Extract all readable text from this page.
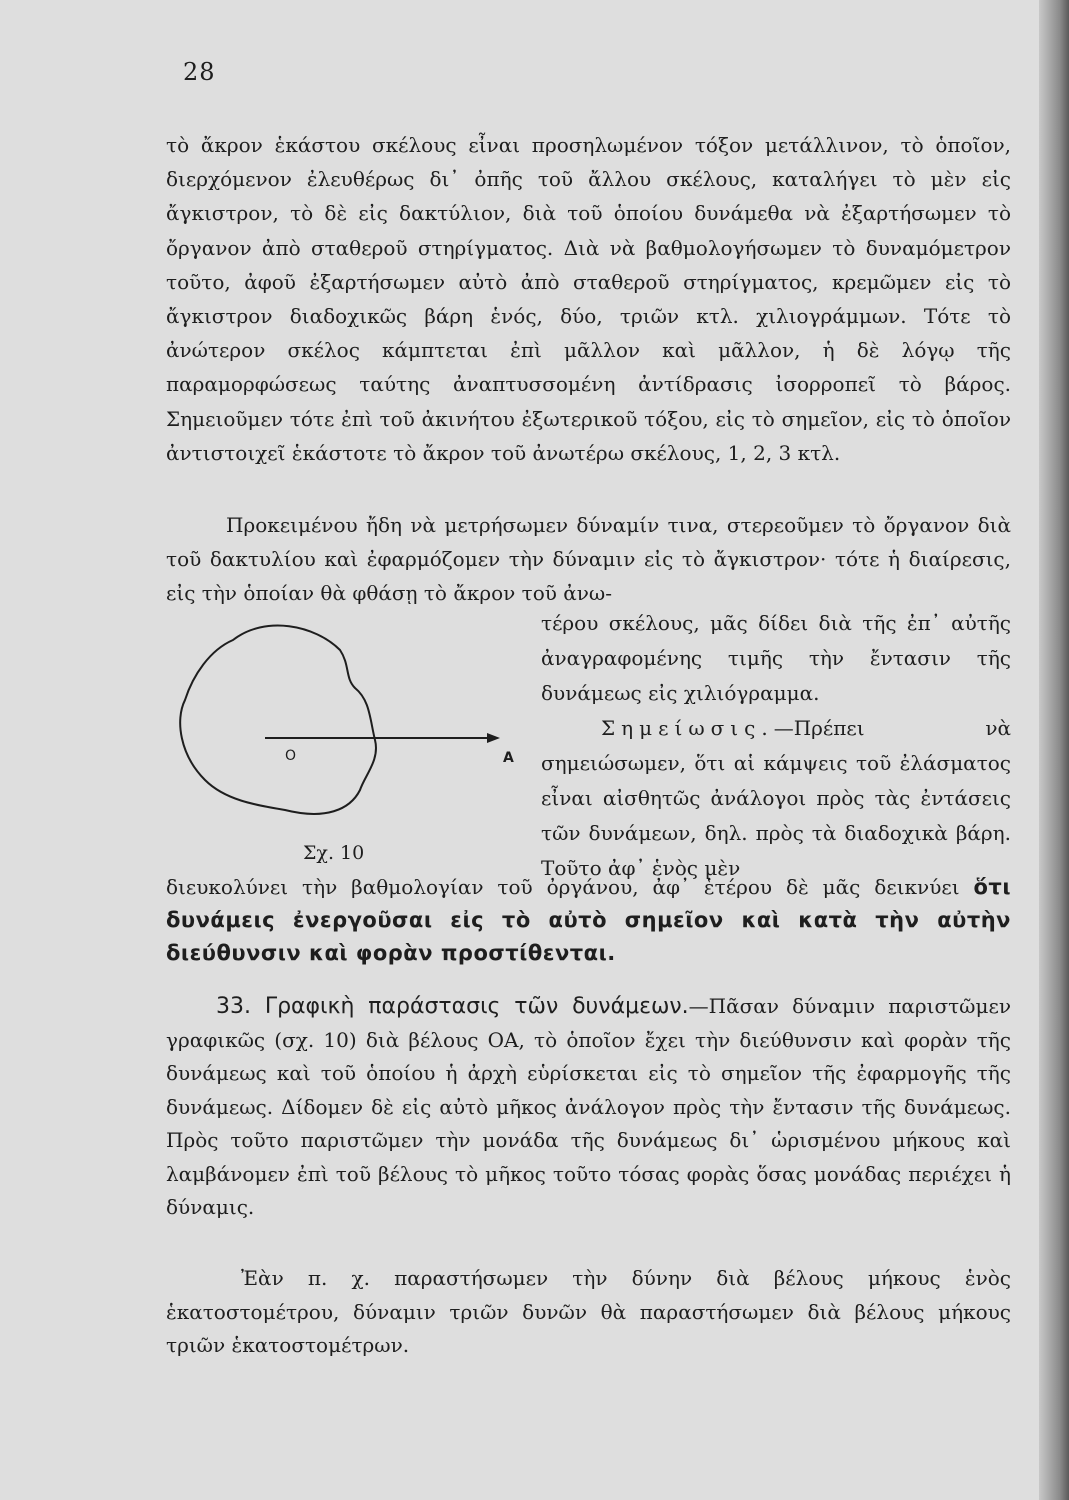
28

τὸ ἄκρον ἑκάστου σκέλους εἶναι προσηλωμένον τόξον μετάλλινον, τὸ ὁποῖον, διερχόμενον ἐλευθέρως δι᾽ ὀπῆς τοῦ ἄλλου σκέλους, καταλήγει τὸ μὲν εἰς ἄγκιστρον, τὸ δὲ εἰς δακτύλιον, διὰ τοῦ ὁποίου δυνάμεθα νὰ ἐξαρτήσωμεν τὸ ὄργανον ἀπὸ σταθεροῦ στηρίγματος. Διὰ νὰ βαθμολογήσωμεν τὸ δυναμόμετρον τοῦτο, ἀφοῦ ἐξαρτήσωμεν αὐτὸ ἀπὸ σταθεροῦ στηρίγματος, κρεμῶμεν εἰς τὸ ἄγκιστρον διαδοχικῶς βάρη ἑνός, δύο, τριῶν κτλ. χιλιογράμμων. Τότε τὸ ἀνώτερον σκέλος κάμπτεται ἐπὶ μᾶλλον καὶ μᾶλλον, ἡ δὲ λόγῳ τῆς παραμορφώσεως ταύτης ἀναπτυσσομένη ἀντίδρασις ἰσορροπεῖ τὸ βάρος. Σημειοῦμεν τότε ἐπὶ τοῦ ἀκινήτου ἐξωτερικοῦ τόξου, εἰς τὸ σημεῖον, εἰς τὸ ὁποῖον ἀντιστοιχεῖ ἑκάστοτε τὸ ἄκρον τοῦ ἀνωτέρω σκέλους, 1, 2, 3 κτλ.

Προκειμένου ἤδη νὰ μετρήσωμεν δύναμίν τινα, στερεοῦμεν τὸ ὄργανον διὰ τοῦ δακτυλίου καὶ ἐφαρμόζομεν τὴν δύναμιν εἰς τὸ ἄγκιστρον· τότε ἡ διαίρεσις, εἰς τὴν ὁποίαν θὰ φθάσῃ τὸ ἄκρον τοῦ ἀνω-

O	A
Σχ. 10
τέρου σκέλους, μᾶς δίδει διὰ τῆς ἐπ᾽ αὐτῆς ἀναγραφομένης τιμῆς τὴν ἔντασιν τῆς δυνάμεως εἰς χιλιόγραμμα.
Σημείωσις.—Πρέπει νὰ σημειώσωμεν, ὅτι αἱ κάμψεις τοῦ ἐλάσματος εἶναι αἰσθητῶς ἀνάλογοι πρὸς τὰς ἐντάσεις τῶν δυνάμεων, δηλ. πρὸς τὰ διαδοχικὰ βάρη. Τοῦτο ἀφ᾽ ἑνὸς μὲν
διευκολύνει τὴν βαθμολογίαν τοῦ ὀργάνου, ἀφ᾽ ἑτέρου δὲ μᾶς δεικνύει ὅτι δυνάμεις ἐνεργοῦσαι εἰς τὸ αὐτὸ σημεῖον καὶ κατὰ τὴν αὐτὴν διεύθυνσιν καὶ φορὰν προστίθενται.

33. Γραφικὴ παράστασις τῶν δυνάμεων.—Πᾶσαν δύναμιν παριστῶμεν γραφικῶς (σχ. 10) διὰ βέλους ΟΑ, τὸ ὁποῖον ἔχει τὴν διεύθυνσιν καὶ φορὰν τῆς δυνάμεως καὶ τοῦ ὁποίου ἡ ἀρχὴ εὑρίσκεται εἰς τὸ σημεῖον τῆς ἐφαρμογῆς τῆς δυνάμεως. Δίδομεν δὲ εἰς αὐτὸ μῆκος ἀνάλογον πρὸς τὴν ἔντασιν τῆς δυνάμεως. Πρὸς τοῦτο παριστῶμεν τὴν μονάδα τῆς δυνάμεως δι᾽ ὡρισμένου μήκους καὶ λαμβάνομεν ἐπὶ τοῦ βέλους τὸ μῆκος τοῦτο τόσας φορὰς ὅσας μονάδας περιέχει ἡ δύναμις.

Ἐὰν π. χ. παραστήσωμεν τὴν δύνην διὰ βέλους μήκους ἑνὸς ἑκατοστομέτρου, δύναμιν τριῶν δυνῶν θὰ παραστήσωμεν διὰ βέλους μήκους τριῶν ἑκατοστομέτρων.
